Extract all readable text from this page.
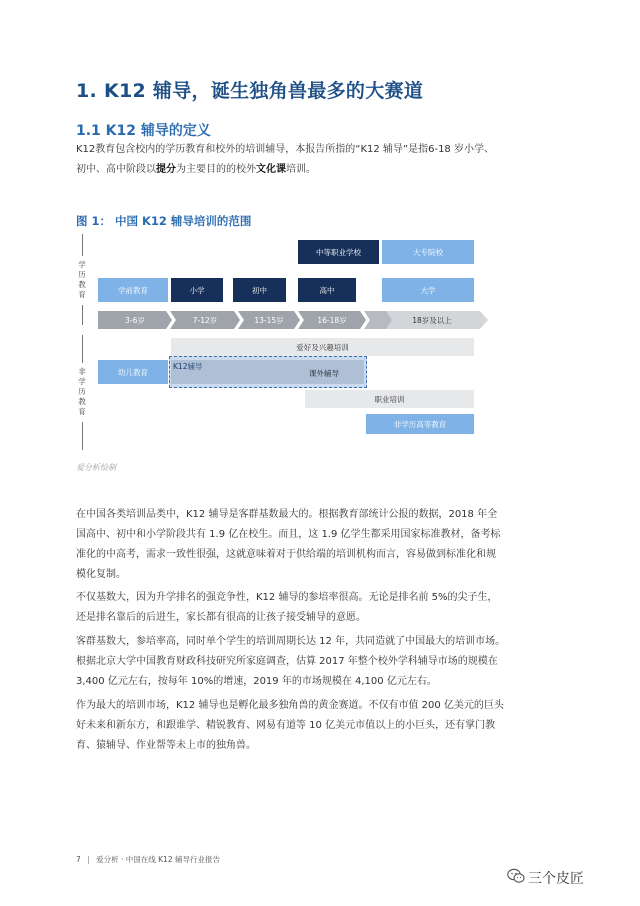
1. K12 辅导，诞生独角兽最多的大赛道
1.1 K12 辅导的定义
K12教育包含校内的学历教育和校外的培训辅导，本报告所指的“K12 辅导”是指6-18 岁小学、
初中、高中阶段以提分为主要目的的校外文化课培训。
图 1： 中国 K12 辅导培训的范围
学历教育
非学历教育
中等职业学校	大专院校
学前教育	小学	初中	高中	大学
3-6岁	7-12岁	13-15岁	16-18岁	18岁及以上
爱好及兴趣培训
幼儿教育
K12辅导
课外辅导
职业培训
非学历高等教育
爱分析绘制
在中国各类培训品类中，K12 辅导是客群基数最大的。根据教育部统计公报的数据，2018 年全
国高中、初中和小学阶段共有 1.9 亿在校生。而且，这 1.9 亿学生都采用国家标准教材，备考标
准化的中高考，需求一致性很强，这就意味着对于供给端的培训机构而言，容易做到标准化和规
模化复制。
不仅基数大，因为升学排名的强竞争性，K12 辅导的参培率很高。无论是排名前 5%的尖子生，
还是排名靠后的后进生，家长都有很高的让孩子接受辅导的意愿。
客群基数大，参培率高，同时单个学生的培训周期长达 12 年，共同造就了中国最大的培训市场。
根据北京大学中国教育财政科技研究所家庭调查，估算 2017 年整个校外学科辅导市场的规模在
3,400 亿元左右，按每年 10%的增速，2019 年的市场规模在 4,100 亿元左右。
作为最大的培训市场，K12 辅导也是孵化最多独角兽的黄金赛道。不仅有市值 200 亿美元的巨头
好未来和新东方，和跟谁学、精锐教育、网易有道等 10 亿美元市值以上的小巨头，还有掌门教
育、猿辅导、作业帮等未上市的独角兽。
7 | 爱分析 · 中国在线 K12 辅导行业报告
三个皮匠
